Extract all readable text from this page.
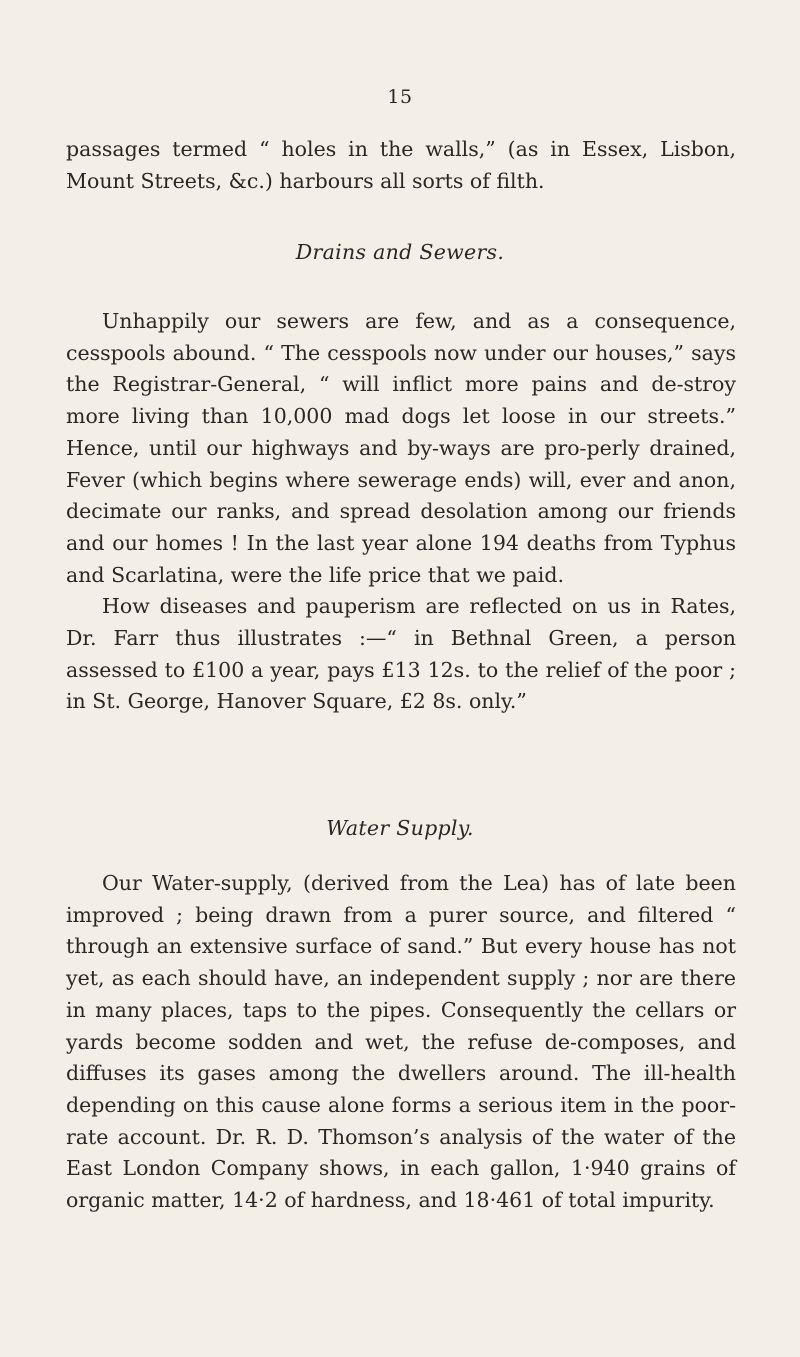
15

passages termed “ holes in the walls,” (as in Essex, Lisbon, Mount Streets, &c.) harbours all sorts of filth.

Drains and Sewers.

Unhappily our sewers are few, and as a consequence, cesspools abound. “ The cesspools now under our houses,” says the Registrar-General, “ will inflict more pains and de-stroy more living than 10,000 mad dogs let loose in our streets.” Hence, until our highways and by-ways are pro-perly drained, Fever (which begins where sewerage ends) will, ever and anon, decimate our ranks, and spread desolation among our friends and our homes ! In the last year alone 194 deaths from Typhus and Scarlatina, were the life price that we paid.

How diseases and pauperism are reflected on us in Rates, Dr. Farr thus illustrates :—“ in Bethnal Green, a person assessed to £100 a year, pays £13 12s. to the relief of the poor ; in St. George, Hanover Square, £2 8s. only.”

Water Supply.

Our Water-supply, (derived from the Lea) has of late been improved ; being drawn from a purer source, and filtered “ through an extensive surface of sand.” But every house has not yet, as each should have, an independent supply ; nor are there in many places, taps to the pipes. Consequently the cellars or yards become sodden and wet, the refuse de-composes, and diffuses its gases among the dwellers around. The ill-health depending on this cause alone forms a serious item in the poor-rate account. Dr. R. D. Thomson’s analysis of the water of the East London Company shows, in each gallon, 1·940 grains of organic matter, 14·2 of hardness, and 18·461 of total impurity.
